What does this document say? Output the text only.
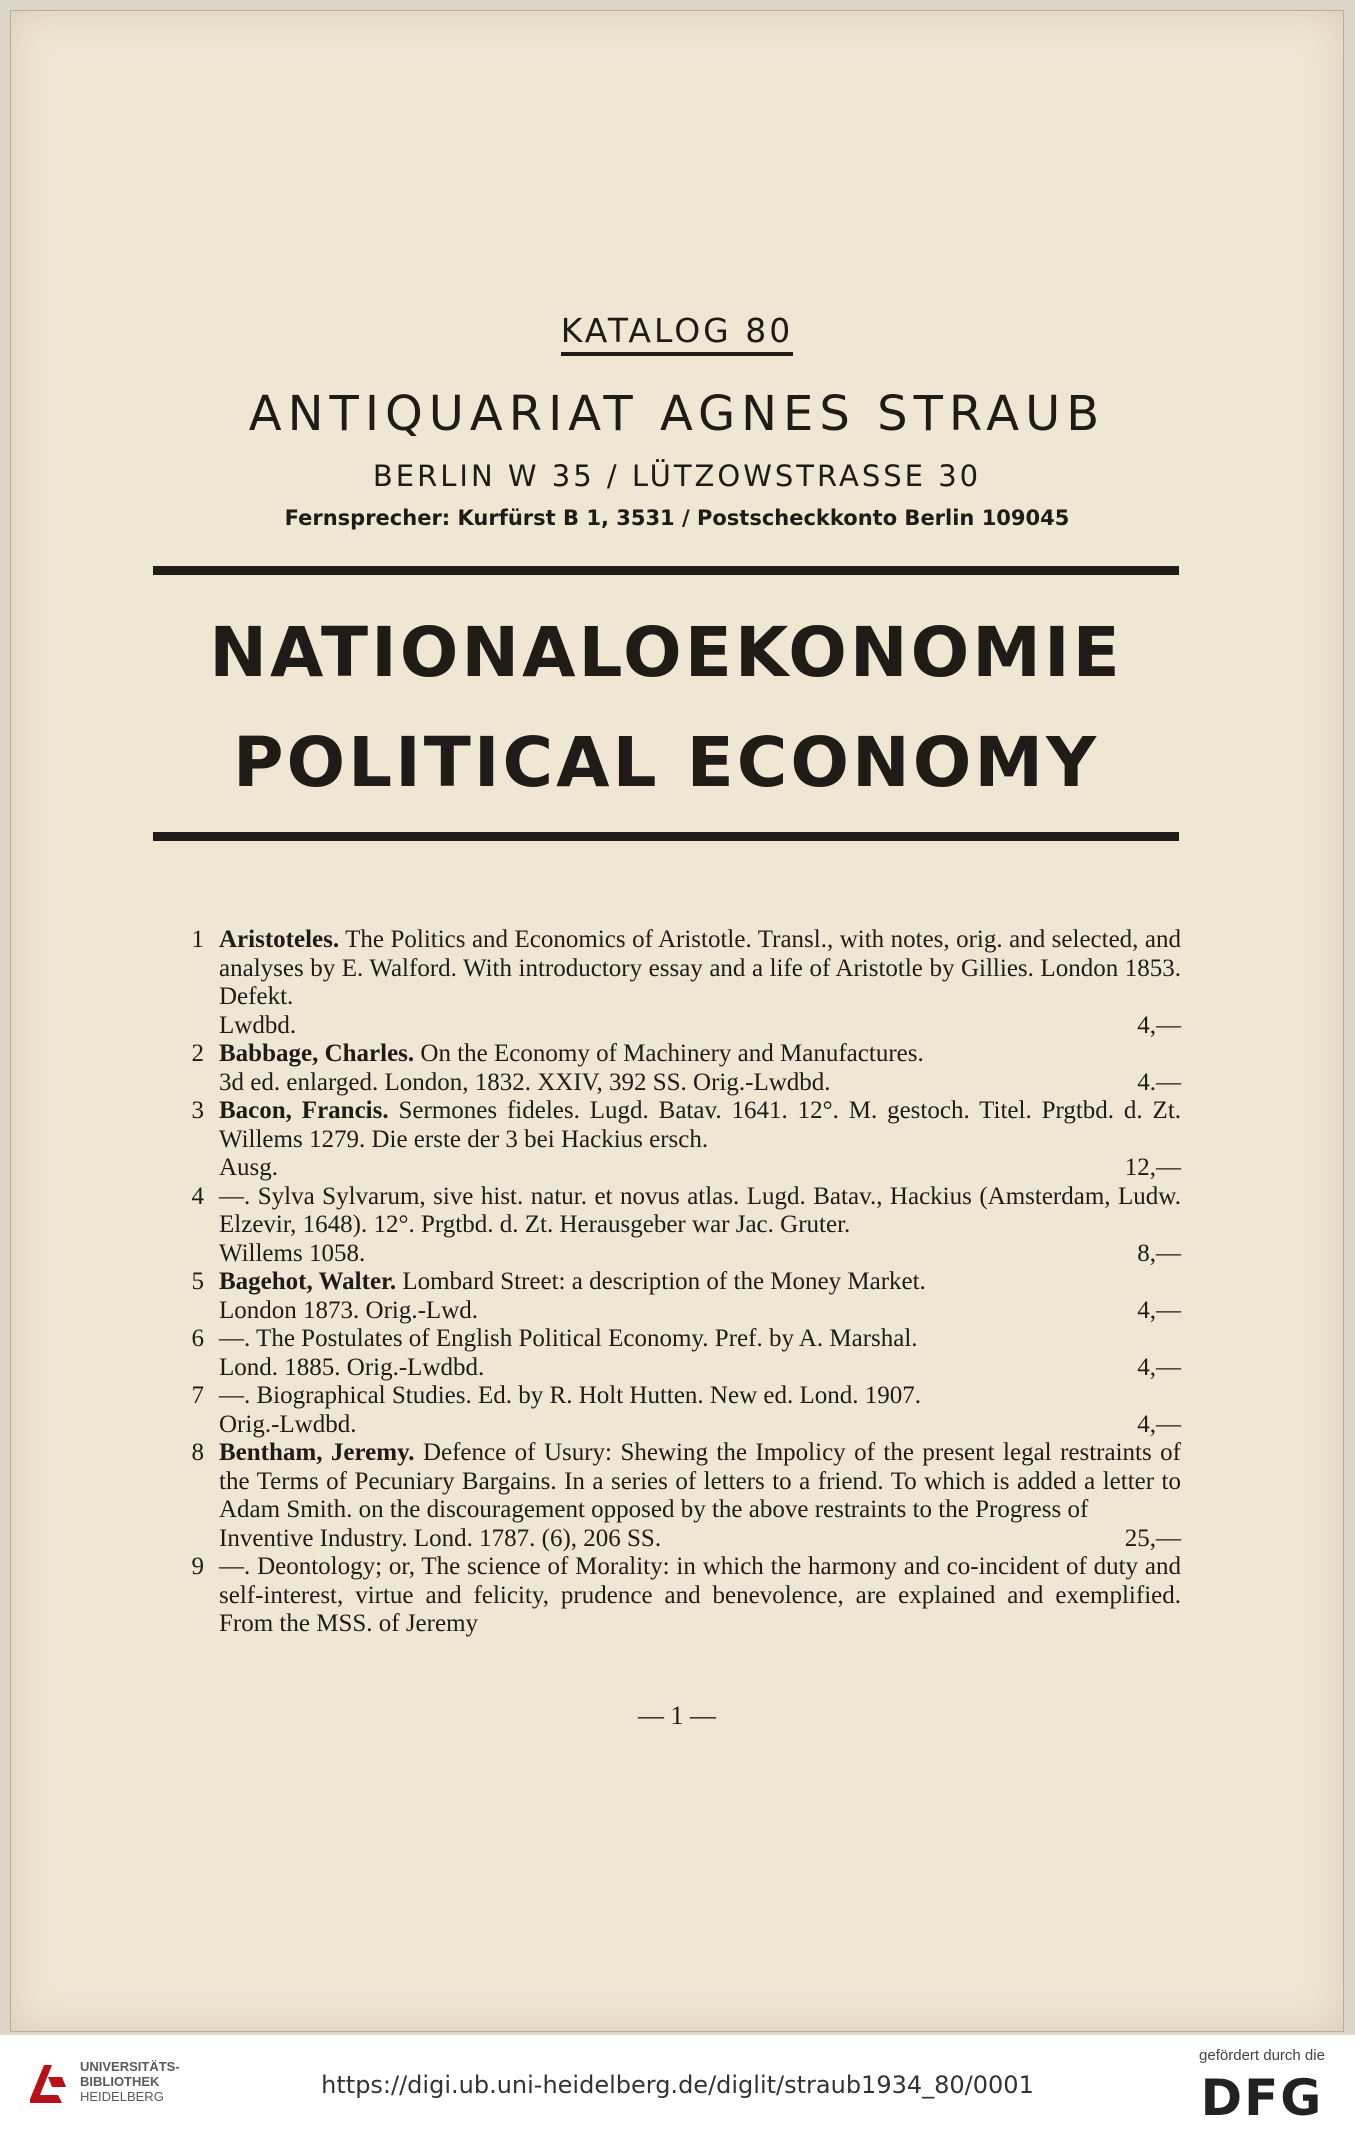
KATALOG 80
ANTIQUARIAT AGNES STRAUB
BERLIN W 35 / LÜTZOWSTRASSE 30
Fernsprecher: Kurfürst B 1, 3531 / Postscheckkonto Berlin 109045
NATIONALOEKONOMIE
POLITICAL ECONOMY
1 Aristoteles. The Politics and Economics of Aristotle. Transl., with notes, orig. and selected, and analyses by E. Walford. With introductory essay and a life of Aristotle by Gillies. London 1853. Defekt.
Lwdbd.	4,—
2 Babbage, Charles. On the Economy of Machinery and Manufactures.
3d ed. enlarged. London, 1832. XXIV, 392 SS. Orig.-Lwdbd.	4.—
3 Bacon, Francis. Sermones fideles. Lugd. Batav. 1641. 12°. M. gestoch. Titel. Prgtbd. d. Zt. Willems 1279. Die erste der 3 bei Hackius ersch.
Ausg.	12,—
4 —. Sylva Sylvarum, sive hist. natur. et novus atlas. Lugd. Batav., Hackius (Amsterdam, Ludw. Elzevir, 1648). 12°. Prgtbd. d. Zt. Herausgeber war Jac. Gruter.
Willems 1058.	8,—
5 Bagehot, Walter. Lombard Street: a description of the Money Market.
London 1873. Orig.-Lwd.	4,—
6 —. The Postulates of English Political Economy. Pref. by A. Marshal.
Lond. 1885. Orig.-Lwdbd.	4,—
7 —. Biographical Studies. Ed. by R. Holt Hutten. New ed. Lond. 1907.
Orig.-Lwdbd.	4,—
8 Bentham, Jeremy. Defence of Usury: Shewing the Impolicy of the present legal restraints of the Terms of Pecuniary Bargains. In a series of letters to a friend. To which is added a letter to Adam Smith. on the discouragement opposed by the above restraints to the Progress of
Inventive Industry. Lond. 1787. (6), 206 SS.	25,—
9 —. Deontology; or, The science of Morality: in which the harmony and co-incident of duty and self-interest, virtue and felicity, prudence and benevolence, are explained and exemplified. From the MSS. of Jeremy
— 1 —
UNIVERSITÄTS-
BIBLIOTHEK
HEIDELBERG	https://digi.ub.uni-heidelberg.de/diglit/straub1934_80/0001
gefördert durch die
DFG
